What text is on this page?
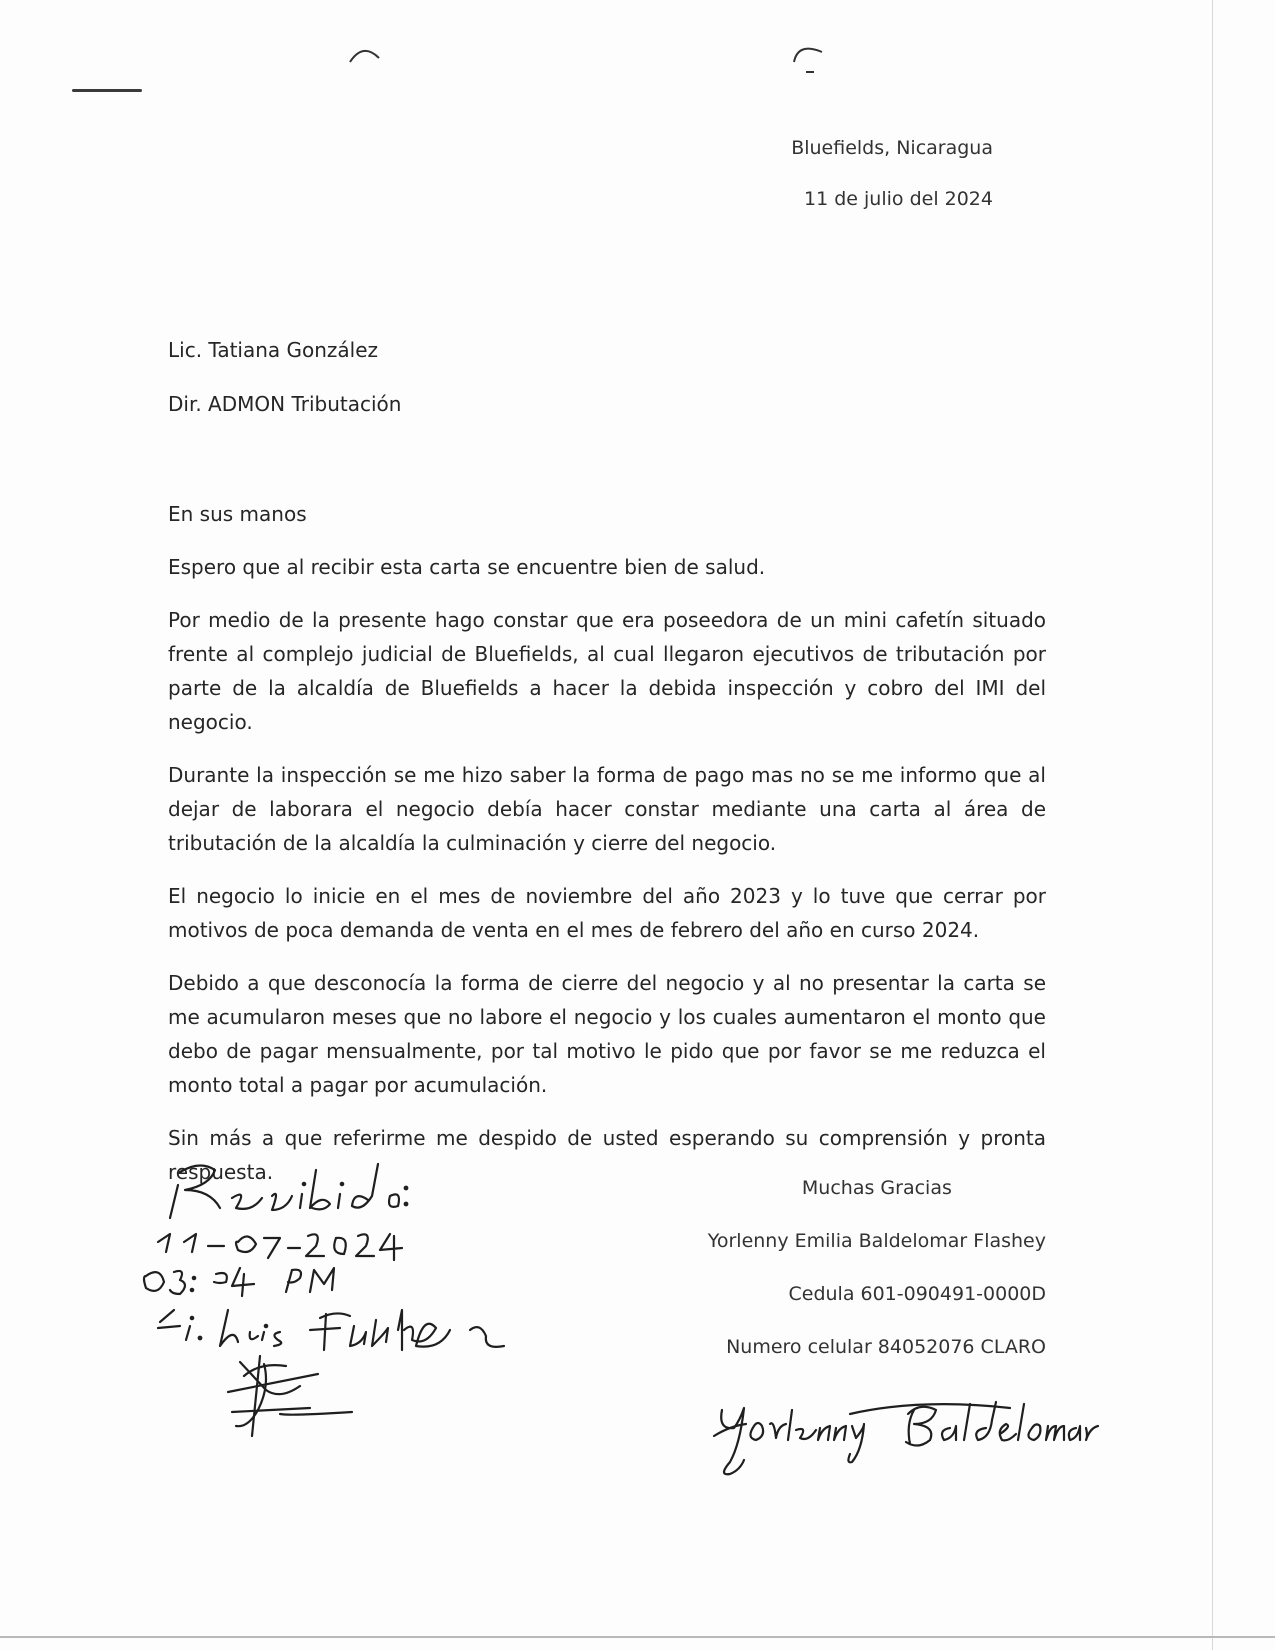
Bluefields, Nicaragua
11 de julio del 2024
Lic. Tatiana González
Dir. ADMON Tributación

En sus manos

Espero que al recibir esta carta se encuentre bien de salud.

Por medio de la presente hago constar que era poseedora de un mini cafetín situado frente al complejo judicial de Bluefields, al cual llegaron ejecutivos de tributación por parte de la alcaldía de Bluefields a hacer la debida inspección y cobro del IMI del negocio.

Durante la inspección se me hizo saber la forma de pago mas no se me informo que al dejar de laborara el negocio debía hacer constar mediante una carta al área de tributación de la alcaldía la culminación y cierre del negocio.

El negocio lo inicie en el mes de noviembre del año 2023 y lo tuve que cerrar por motivos de poca demanda de venta en el mes de febrero del año en curso 2024.

Debido a que desconocía la forma de cierre del negocio y al no presentar la carta se me acumularon meses que no labore el negocio y los cuales aumentaron el monto que debo de pagar mensualmente, por tal motivo le pido que por favor se me reduzca el monto total a pagar por acumulación.

Sin más a que referirme me despido de usted esperando su comprensión y pronta respuesta.

Muchas Gracias
Yorlenny Emilia Baldelomar Flashey
Cedula 601-090491-0000D
Numero celular 84052076 CLARO
